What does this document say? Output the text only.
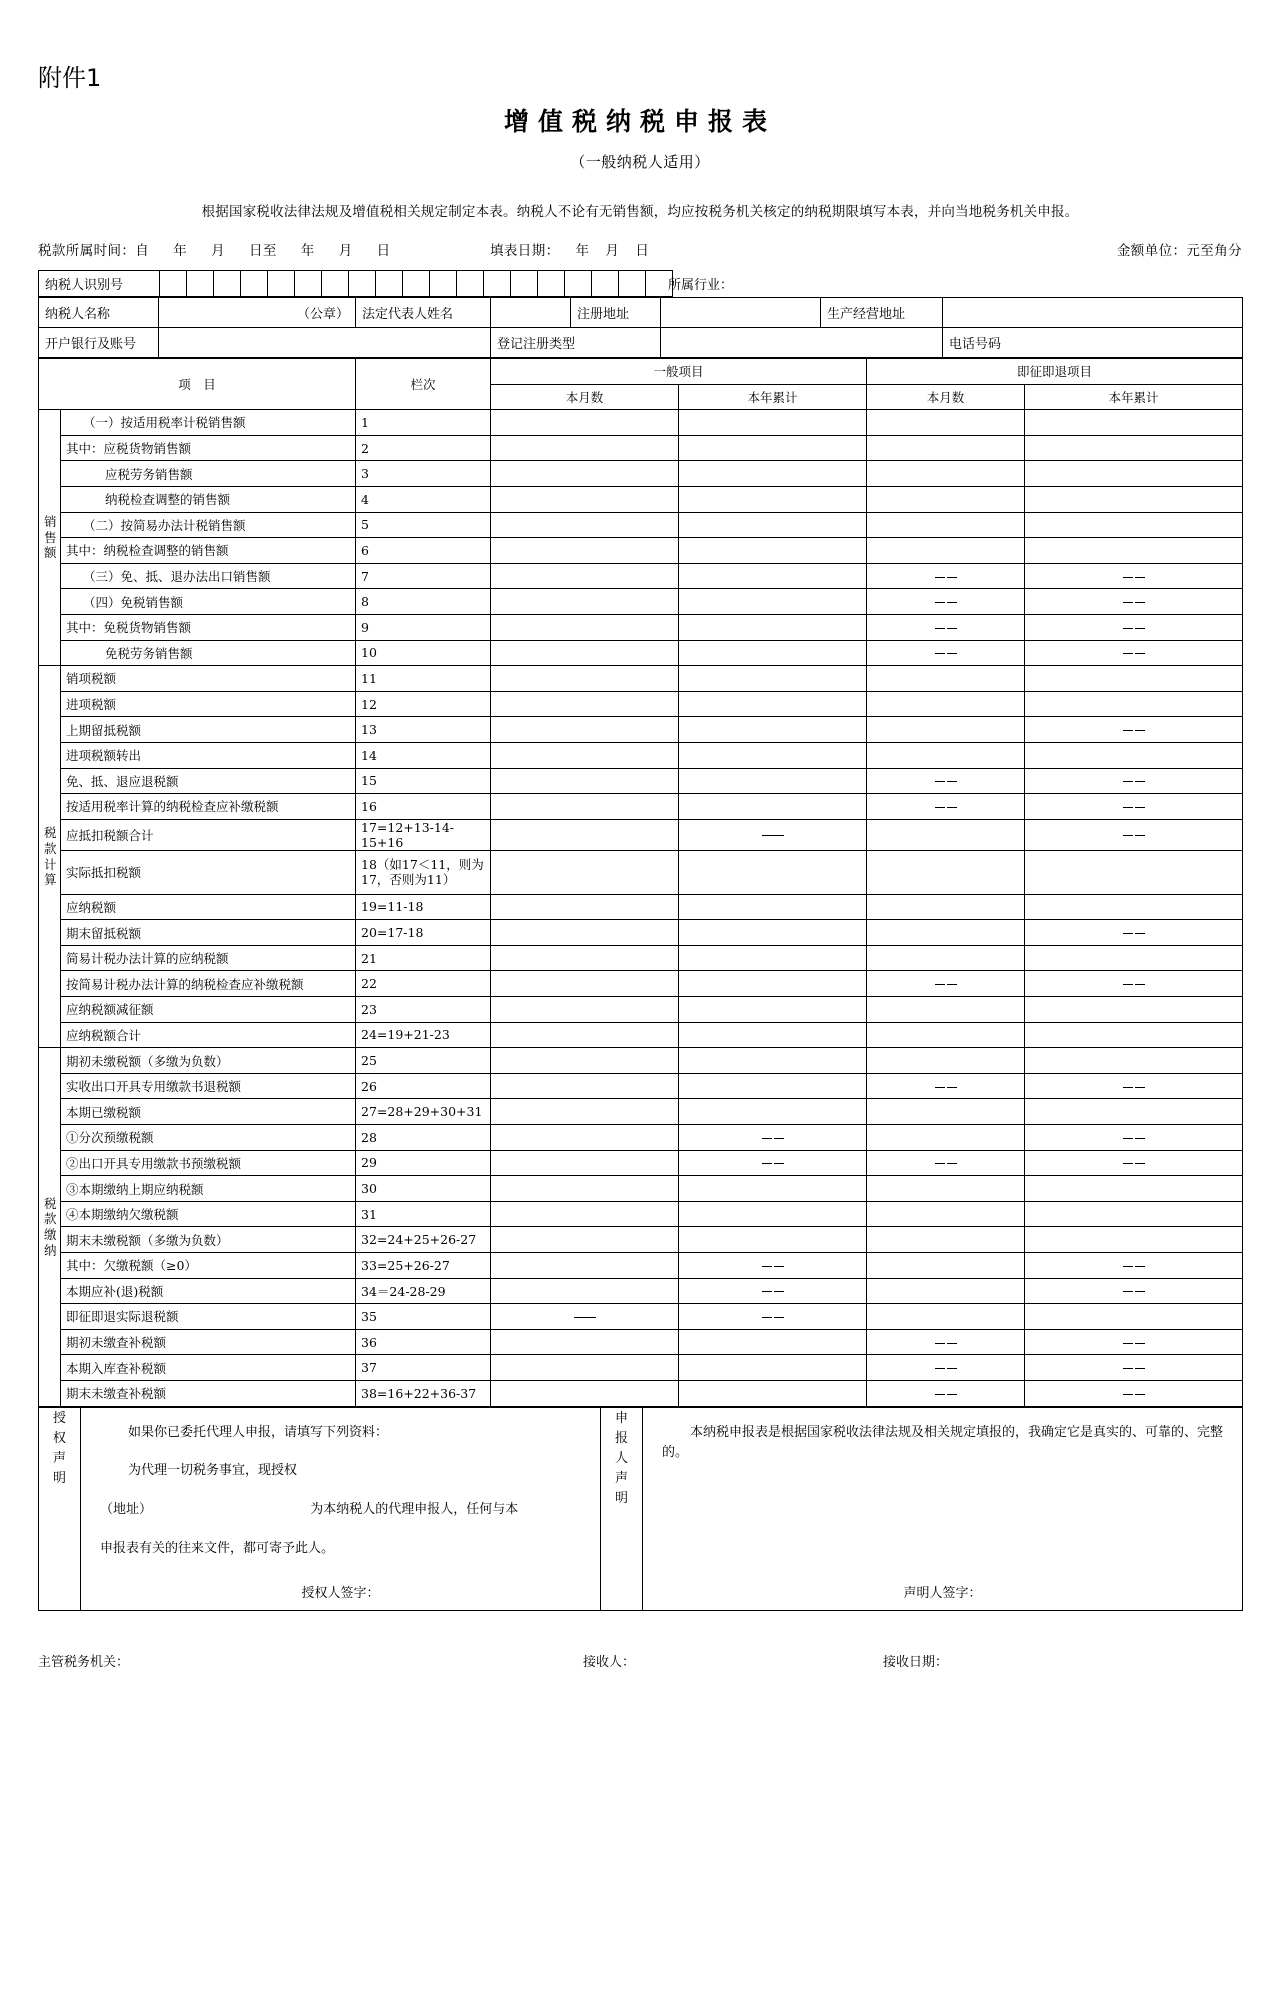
附件1
增值税纳税申报表
（一般纳税人适用）
根据国家税收法律法规及增值税相关规定制定本表。纳税人不论有无销售额，均应按税务机关核定的纳税期限填写本表，并向当地税务机关申报。
税款所属时间：自 年 月 日至 年 月 日	填表日期： 年 月 日	金额单位：元至角分
纳税人识别号	所属行业：
纳税人名称	（公章）	法定代表人姓名		注册地址		生产经营地址	
开户银行及账号			登记注册类型				电话号码
项　目		栏次	一般项目		即征即退项目	
			本月数	本年累计	本月数	本年累计

销
售
额	（一）按适用税率计税销售额	1				
	其中：应税货物销售额	2				
	应税劳务销售额	3				
	纳税检查调整的销售额	4				
	（二）按简易办法计税销售额	5				
	其中：纳税检查调整的销售额	6				
	（三）免、抵、退办法出口销售额	7				
	（四）免税销售额	8				
	其中：免税货物销售额	9				
	免税劳务销售额	10				

税
款
计
算	销项税额	11				
	进项税额	12				
	上期留抵税额	13				
	进项税额转出	14				
	免、抵、退应退税额	15				
	按适用税率计算的纳税检查应补缴税额	16				
	应抵扣税额合计	17=12+13-14-15+16				
	实际抵扣税额	18（如17＜11，则为17，否则为11）				
	应纳税额	19=11-18				
	期末留抵税额	20=17-18				
	简易计税办法计算的应纳税额	21				
	按简易计税办法计算的纳税检查应补缴税额	22				
	应纳税额减征额	23				
	应纳税额合计	24=19+21-23				

税
款
缴
纳	期初未缴税额（多缴为负数）	25				
	实收出口开具专用缴款书退税额	26				
	本期已缴税额	27=28+29+30+31				
	①分次预缴税额	28				
	②出口开具专用缴款书预缴税额	29				
	③本期缴纳上期应纳税额	30				
	④本期缴纳欠缴税额	31				
	期末未缴税额（多缴为负数）	32=24+25+26-27				
	其中：欠缴税额（≥0）	33=25+26-27				
	本期应补(退)税额	34＝24-28-29				
	即征即退实际退税额	35				
	期初未缴查补税额	36				
	本期入库查补税额	37				
	期末未缴查补税额	38=16+22+36-37				
授
权
声
明

如果你已委托代理人申报，请填写下列资料：

为代理一切税务事宜，现授权

（地址）	为本纳税人的代理申报人，任何与本

申报表有关的往来文件，都可寄予此人。

授权人签字：

申
报
人
声
明

本纳税申报表是根据国家税收法律法规及相关规定填报的，我确定它是真实的、可靠的、完整的。

声明人签字：
主管税务机关：	接收人：	接收日期：
